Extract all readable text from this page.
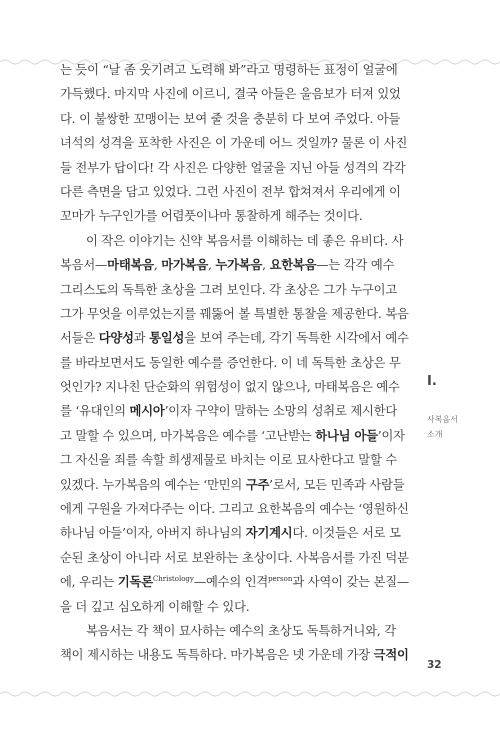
는 듯이 “날 좀 웃기려고 노력해 봐”라고 명령하는 표정이 얼굴에
가득했다. 마지막 사진에 이르니, 결국 아들은 울음보가 터져 있었
다. 이 불쌍한 꼬맹이는 보여 줄 것을 충분히 다 보여 주었다. 아들
녀석의 성격을 포착한 사진은 이 가운데 어느 것일까? 물론 이 사진
들 전부가 답이다! 각 사진은 다양한 얼굴을 지닌 아들 성격의 각각
다른 측면을 담고 있었다. 그런 사진이 전부 합쳐져서 우리에게 이
꼬마가 누구인가를 어렴풋이나마 통찰하게 해주는 것이다.
이 작은 이야기는 신약 복음서를 이해하는 데 좋은 유비다. 사
복음서—마태복음, 마가복음, 누가복음, 요한복음—는 각각 예수
그리스도의 독특한 초상을 그려 보인다. 각 초상은 그가 누구이고
그가 무엇을 이루었는지를 꿰뚫어 볼 특별한 통찰을 제공한다. 복음
서들은 다양성과 통일성을 보여 주는데, 각기 독특한 시각에서 예수
를 바라보면서도 동일한 예수를 증언한다. 이 네 독특한 초상은 무
엇인가? 지나친 단순화의 위험성이 없지 않으나, 마태복음은 예수
를 ‘유대인의 메시아’이자 구약이 말하는 소망의 성취로 제시한다
고 말할 수 있으며, 마가복음은 예수를 ‘고난받는 하나님 아들’이자
그 자신을 죄를 속할 희생제물로 바치는 이로 묘사한다고 말할 수
있겠다. 누가복음의 예수는 ‘만민의 구주’로서, 모든 민족과 사람들
에게 구원을 가져다주는 이다. 그리고 요한복음의 예수는 ‘영원하신
하나님 아들’이자, 아버지 하나님의 자기계시다. 이것들은 서로 모
순된 초상이 아니라 서로 보완하는 초상이다. 사복음서를 가진 덕분
에, 우리는 기독론$^{Christology}$—예수의 인격$^{person}$과 사역이 갖는 본질—
을 더 깊고 심오하게 이해할 수 있다.
복음서는 각 책이 묘사하는 예수의 초상도 독특하거니와, 각
책이 제시하는 내용도 독특하다. 마가복음은 넷 가운데 가장 극적이
I.
사복음서
소개
32
